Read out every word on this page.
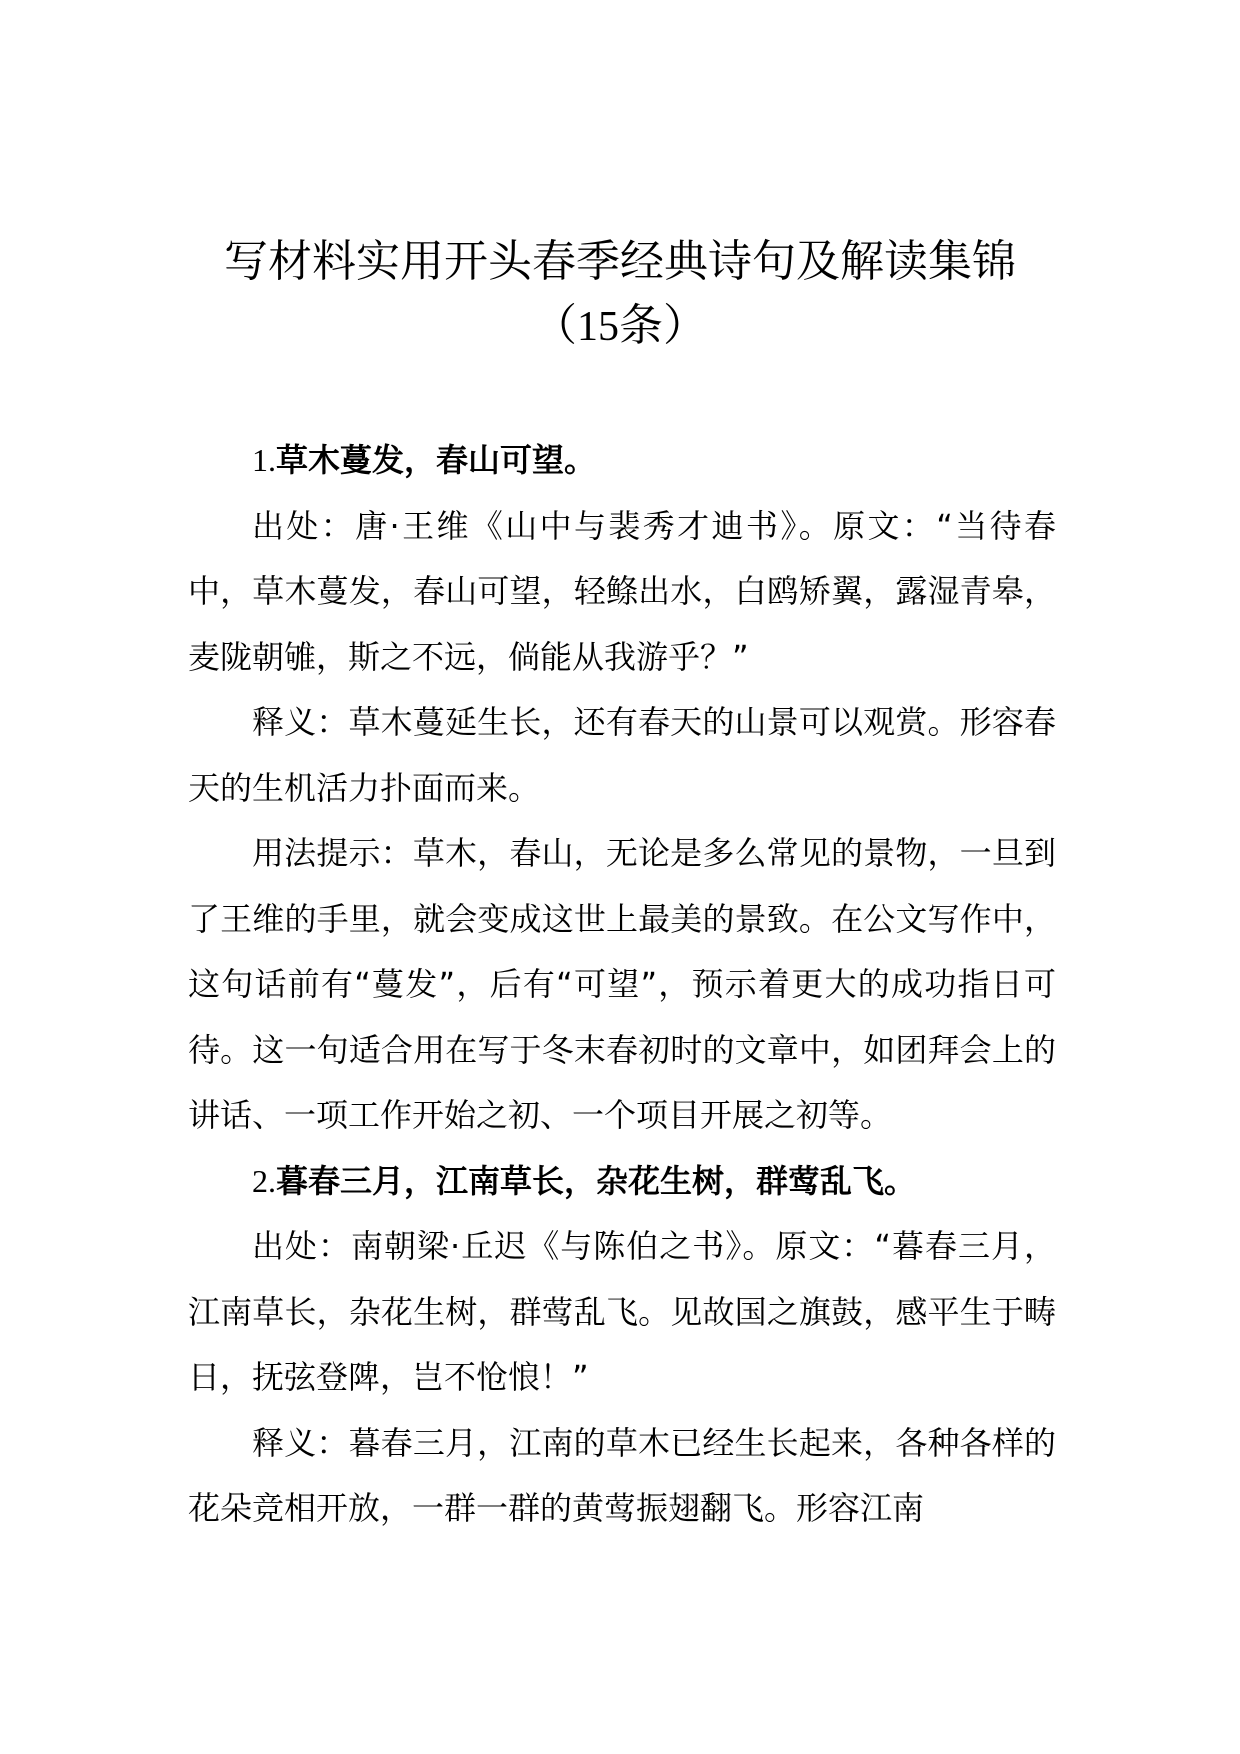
写材料实用开头春季经典诗句及解读集锦
（15条）

1.草木蔓发，春山可望。

出处：唐·王维《山中与裴秀才迪书》。原文：“当待春中，草木蔓发，春山可望，轻鲦出水，白鸥矫翼，露湿青皋，麦陇朝雊，斯之不远，倘能从我游乎？”

释义：草木蔓延生长，还有春天的山景可以观赏。形容春天的生机活力扑面而来。

用法提示：草木，春山，无论是多么常见的景物，一旦到了王维的手里，就会变成这世上最美的景致。在公文写作中，这句话前有“蔓发”，后有“可望”，预示着更大的成功指日可待。这一句适合用在写于冬末春初时的文章中，如团拜会上的讲话、一项工作开始之初、一个项目开展之初等。

2.暮春三月，江南草长，杂花生树，群莺乱飞。

出处：南朝梁·丘迟《与陈伯之书》。原文：“暮春三月，江南草长，杂花生树，群莺乱飞。见故国之旗鼓，感平生于畴日，抚弦登陴，岂不怆悢！”

释义：暮春三月，江南的草木已经生长起来，各种各样的花朵竞相开放，一群一群的黄莺振翅翻飞。形容江南
